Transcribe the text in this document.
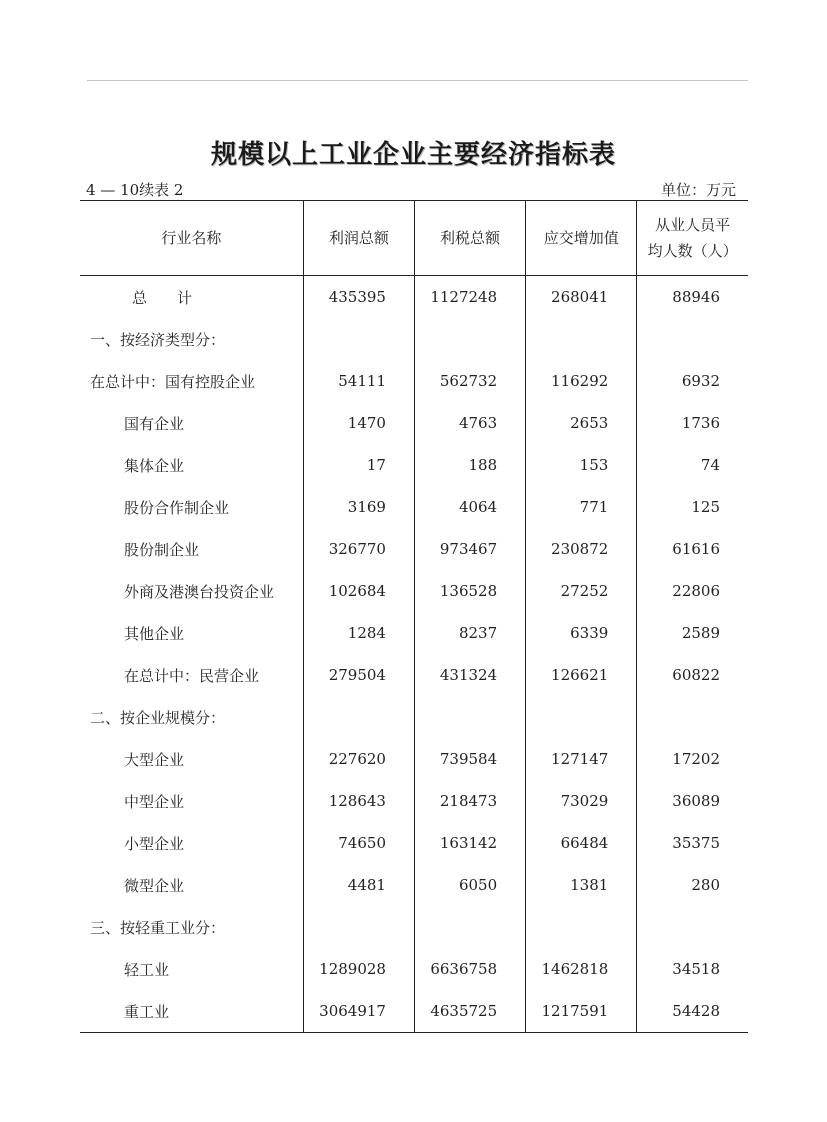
规模以上工业企业主要经济指标表
4 — 10续表 2	单位：万元
行业名称	利润总额	利税总额	应交增加值	从业人员平
均人数（人）

总　　计	435395	1127248	268041	88946
一、按经济类型分：				
在总计中：国有控股企业	54111	562732	116292	6932
国有企业	1470	4763	2653	1736
集体企业	17	188	153	74
股份合作制企业	3169	4064	771	125
股份制企业	326770	973467	230872	61616
外商及港澳台投资企业	102684	136528	27252	22806
其他企业	1284	8237	6339	2589
在总计中：民营企业	279504	431324	126621	60822
二、按企业规模分：				
大型企业	227620	739584	127147	17202
中型企业	128643	218473	73029	36089
小型企业	74650	163142	66484	35375
微型企业	4481	6050	1381	280
三、按轻重工业分：				
轻工业	1289028	6636758	1462818	34518
重工业	3064917	4635725	1217591	54428
